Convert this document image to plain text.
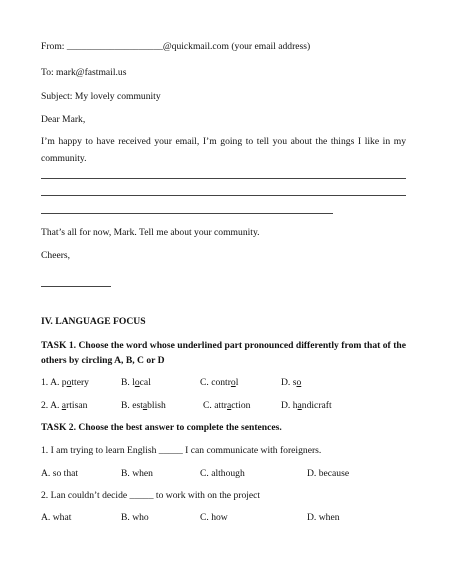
From: ____________________@quickmail.com (your email address)
To: mark@fastmail.us
Subject: My lovely community
Dear Mark,
I’m happy to have received your email, I’m going to tell you about the things I like in my community.
That’s all for now, Mark. Tell me about your community.
Cheers,
IV. LANGUAGE FOCUS
TASK 1. Choose the word whose underlined part pronounced differently from that of the others by circling A, B, C or D
1. A. pottery	B. local	C. control	D. so
2. A. artisan	B. establish	C. attraction	D. handicraft
TASK 2. Choose the best answer to complete the sentences.
1. I am trying to learn English _____ I can communicate with foreigners.
A. so that	B. when	C. although	D. because
2. Lan couldn’t decide _____ to work with on the project
A. what	B. who	C. how	D. when
